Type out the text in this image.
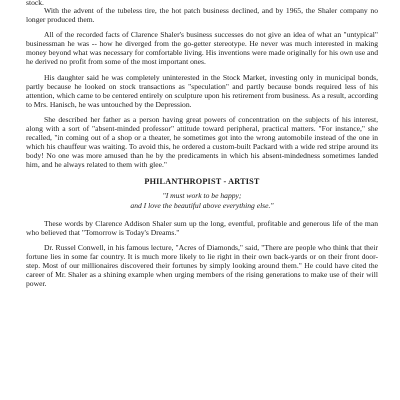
stock.

With the advent of the tubeless tire, the hot patch business declined, and by 1965, the Shaler company no longer produced them.

All of the recorded facts of Clarence Shaler's business successes do not give an idea of what an "untypical" businessman he was -- how he diverged from the go-getter stereotype. He never was much interested in making money beyond what was necessary for comfortable living. His inventions were made originally for his own use and he derived no profit from some of the most important ones.

His daughter said he was completely uninterested in the Stock Market, investing only in municipal bonds, partly because he looked on stock transactions as "speculation" and partly because bonds required less of his attention, which came to be centered entirely on sculpture upon his retirement from business. As a result, according to Mrs. Hanisch, he was untouched by the Depression.

She described her father as a person having great powers of concentration on the subjects of his interest, along with a sort of "absent-minded professor" attitude toward peripheral, practical matters. "For instance," she recalled, "in coming out of a shop or a theater, he sometimes got into the wrong automobile instead of the one in which his chauffeur was waiting. To avoid this, he ordered a custom-built Packard with a wide red stripe around its body! No one was more amused than he by the predicaments in which his absent-mindedness sometimes landed him, and he always related to them with glee."

PHILANTHROPIST - ARTIST
"I must work to be happy;
and I love the beautiful above everything else."

These words by Clarence Addison Shaler sum up the long, eventful, profitable and generous life of the man who believed that "Tomorrow is Today's Dreams."

Dr. Russel Conwell, in his famous lecture, "Acres of Diamonds," said, "There are people who think that their fortune lies in some far country. It is much more likely to lie right in their own back-yards or on their front door-step. Most of our millionaires discovered their fortunes by simply looking around them." He could have cited the career of Mr. Shaler as a shining example when urging members of the rising generations to make use of their will power.
